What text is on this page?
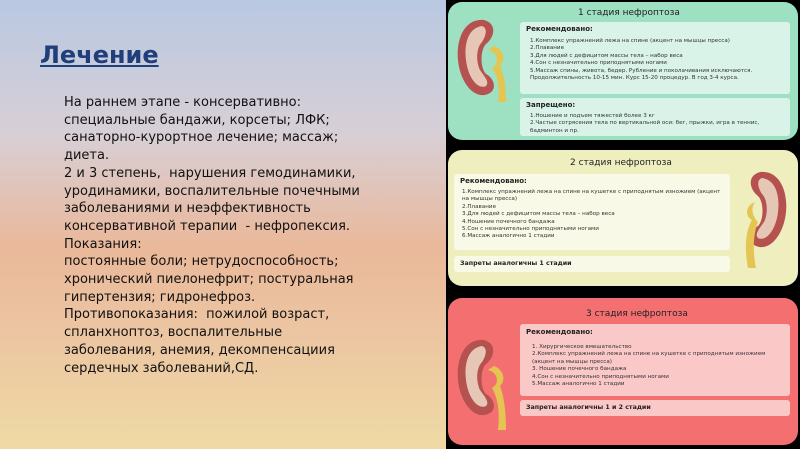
Лечение
На раннем этапе - консервативно: специальные бандажи, корсеты; ЛФК; санаторно-курортное лечение; массаж; диета.
2 и 3 степень,  нарушения гемодинамики, уродинамики, воспалительные почечными заболеваниями и неэффективность консервативной терапии  - нефропексия.
Показания:
постоянные боли; нетрудоспособность; хронический пиелонефрит; постуральная гипертензия; гидронефроз.
Противопоказания:  пожилой возраст, спланхноптоз, воспалительные заболевания, анемия, декомпенсациия сердечных заболеваний,СД.
1 стадия нефроптоза
Рекомендовано:
1.Комплекс упражнений лежа на спине (акцент на мышцы пресса)
2.Плавание
3.Для людей с дефицитом массы тела – набор веса
4.Сон с незначительно приподнятыми ногами
5.Массаж спины, живота, бедер. Рубление и поколачивания исключаются. Продолжительность 10-15 мин. Курс 15-20 процедур. В год 3-4 курса.
Запрещено:
1.Ношение и подъем тяжестей более 3 кг
2.Частые сотрясения тела по вертикальной оси: бег, прыжки, игра в теннис, бадминтон и пр.
2 стадия нефроптоза
Рекомендовано:
1.Комплекс упражнений лежа на спине на кушетке с приподнятым изножием (акцент на мышцы пресса)
2.Плавание
3.Для людей с дефицитом массы тела – набор веса
4.Ношение почечного бандажа
5.Сон с незначительно приподнятыми ногами
6.Массаж аналогично 1 стадии
Запреты аналогичны 1 стадии
3 стадия нефроптоза
Рекомендовано:
1. Хирургическое вмешательство
2.Комплекс упражнений лежа на спине на кушетке с приподнятым изножием (акцент на мышцы пресса)
3. Ношение почечного бандажа
4.Сон с незначительно приподнятыми ногами
5.Массаж аналогично 1 стадии
Запреты аналогичны 1 и 2 стадии
